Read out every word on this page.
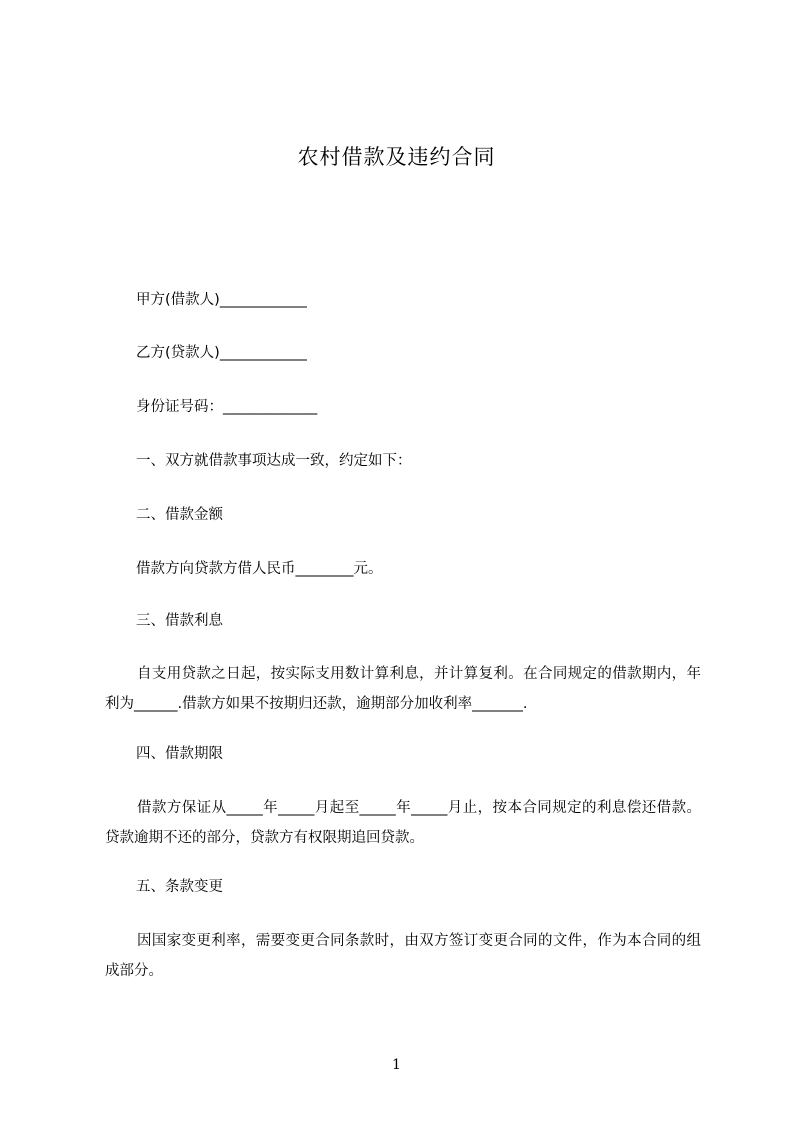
农村借款及违约合同
甲方(借款人)____________
乙方(贷款人)____________
身份证号码：_____________
一、双方就借款事项达成一致，约定如下：
二、借款金额
借款方向贷款方借人民币________元。
三、借款利息
自支用贷款之日起，按实际支用数计算利息，并计算复利。在合同规定的借款期内，年利为______.借款方如果不按期归还款，逾期部分加收利率_______.
四、借款期限
借款方保证从_____年_____月起至_____年_____月止，按本合同规定的利息偿还借款。贷款逾期不还的部分，贷款方有权限期追回贷款。
五、条款变更
因国家变更利率，需要变更合同条款时，由双方签订变更合同的文件，作为本合同的组成部分。
1
